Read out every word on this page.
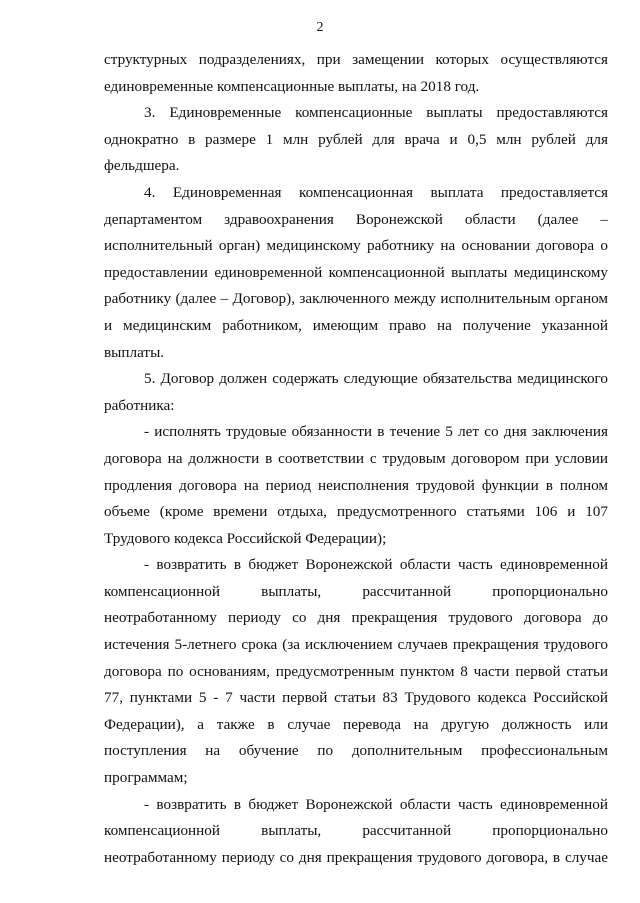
2
структурных подразделениях, при замещении которых осуществляются
единовременные компенсационные выплаты, на 2018 год.
3. Единовременные компенсационные выплаты предоставляются
однократно в размере 1 млн рублей для врача и 0,5 млн рублей для
фельдшера.
4. Единовременная компенсационная выплата предоставляется
департаментом здравоохранения Воронежской области (далее –
исполнительный орган) медицинскому работнику на основании договора о
предоставлении единовременной компенсационной выплаты медицинскому
работнику (далее – Договор), заключенного между исполнительным органом
и медицинским работником, имеющим право на получение указанной
выплаты.
5. Договор должен содержать следующие обязательства медицинского
работника:
- исполнять трудовые обязанности в течение 5 лет со дня заключения
договора на должности в соответствии с трудовым договором при условии
продления договора на период неисполнения трудовой функции в полном
объеме (кроме времени отдыха, предусмотренного статьями 106 и 107
Трудового кодекса Российской Федерации);
- возвратить в бюджет Воронежской области часть единовременной
компенсационной выплаты, рассчитанной пропорционально
неотработанному периоду со дня прекращения трудового договора до
истечения 5-летнего срока (за исключением случаев прекращения трудового
договора по основаниям, предусмотренным пунктом 8 части первой статьи
77, пунктами 5 - 7 части первой статьи 83 Трудового кодекса Российской
Федерации), а также в случае перевода на другую должность или
поступления на обучение по дополнительным профессиональным
программам;
- возвратить в бюджет Воронежской области часть единовременной
компенсационной выплаты, рассчитанной пропорционально
неотработанному периоду со дня прекращения трудового договора, в случае
